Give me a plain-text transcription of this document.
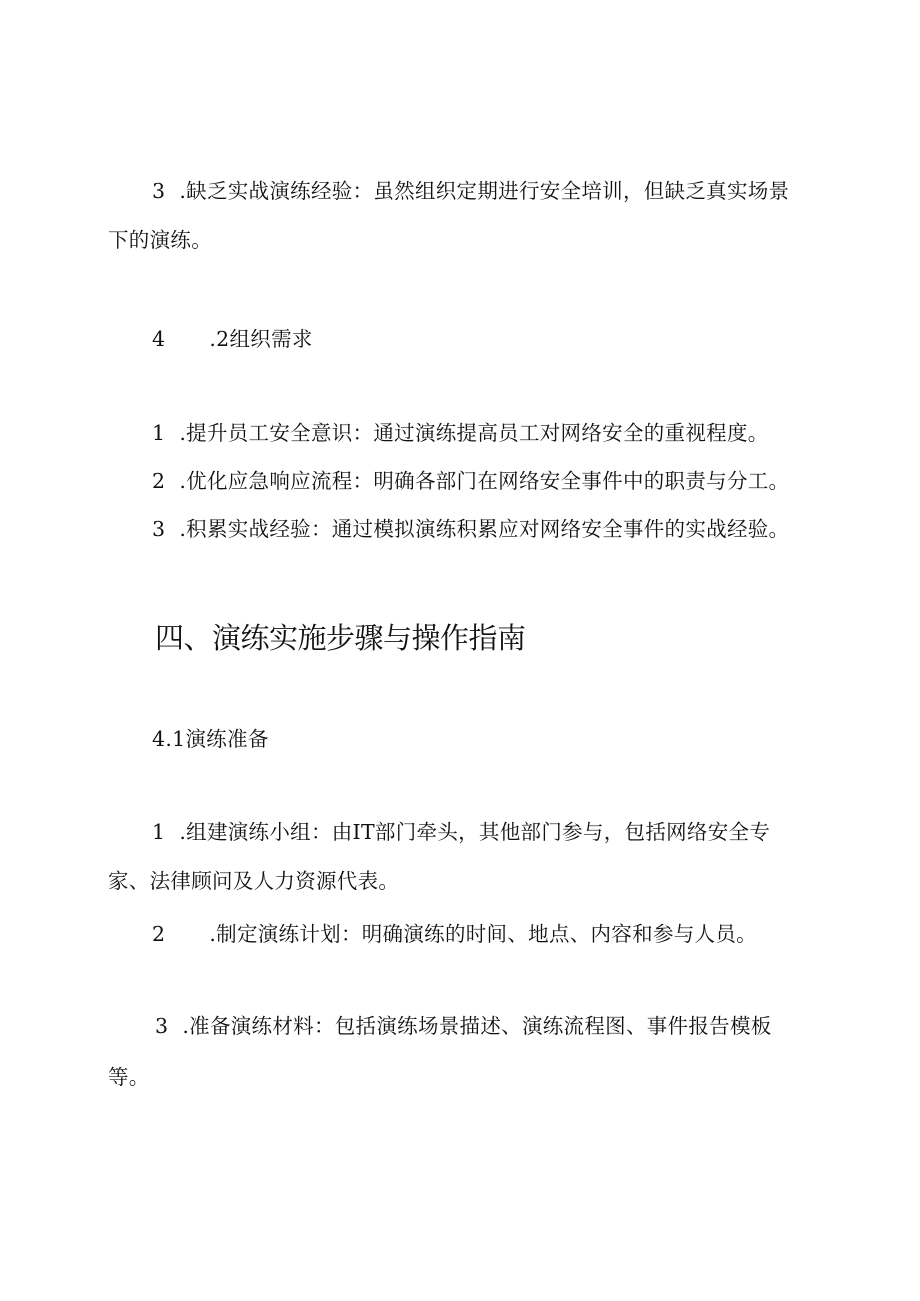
3 .缺乏实战演练经验：虽然组织定期进行安全培训，但缺乏真实场景
下的演练。
4 .2组织需求
1 .提升员工安全意识：通过演练提高员工对网络安全的重视程度。
2 .优化应急响应流程：明确各部门在网络安全事件中的职责与分工。
3 .积累实战经验：通过模拟演练积累应对网络安全事件的实战经验。
四、演练实施步骤与操作指南
4.1演练准备
1 .组建演练小组：由IT部门牵头，其他部门参与，包括网络安全专
家、法律顾问及人力资源代表。
2 .制定演练计划：明确演练的时间、地点、内容和参与人员。
3 .准备演练材料：包括演练场景描述、演练流程图、事件报告模板
等。
